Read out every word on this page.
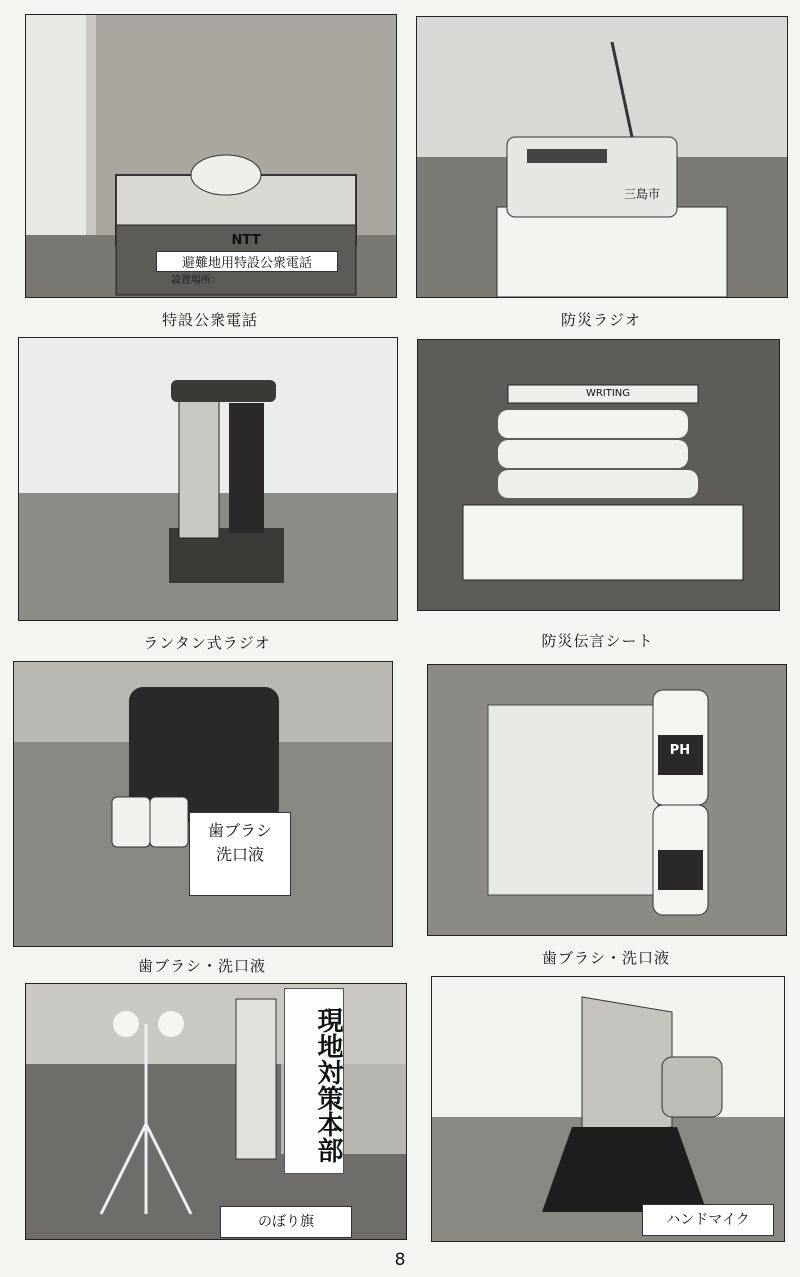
NTT
避難地用特設公衆電話
設置場所：
特設公衆電話
三島市
防災ラジオ
ランタン式ラジオ
WRITING
防災伝言シート
歯ブラシ
洗口液
歯ブラシ・洗口液
PH
歯ブラシ・洗口液
現地対策本部
のぼり旗	ハンドマイク
8
